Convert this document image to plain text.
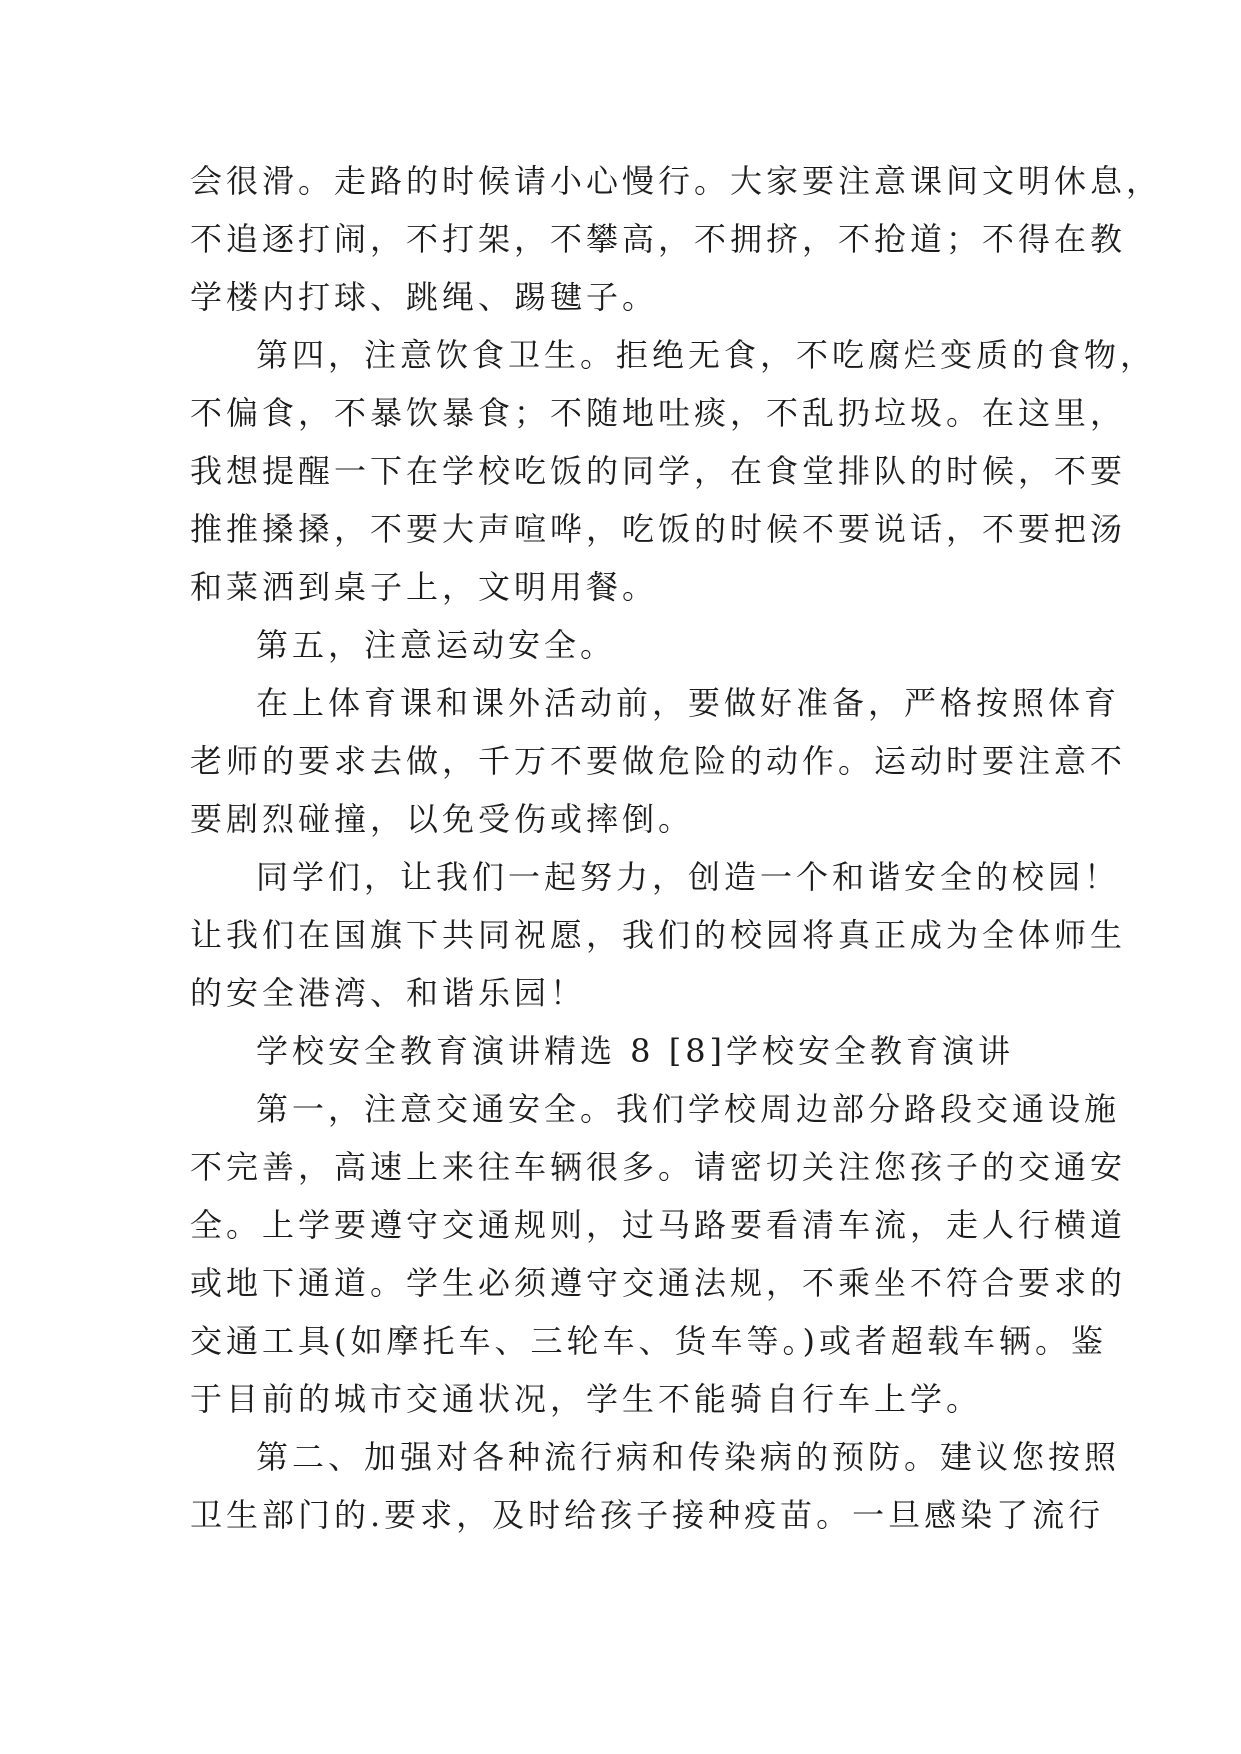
会很滑。走路的时候请小心慢行。大家要注意课间文明休息，
不追逐打闹，不打架，不攀高，不拥挤，不抢道；不得在教
学楼内打球、跳绳、踢毽子。
第四，注意饮食卫生。拒绝无食，不吃腐烂变质的食物，
不偏食，不暴饮暴食；不随地吐痰，不乱扔垃圾。在这里，
我想提醒一下在学校吃饭的同学，在食堂排队的时候，不要
推推搡搡，不要大声喧哗，吃饭的时候不要说话，不要把汤
和菜洒到桌子上，文明用餐。
第五，注意运动安全。
在上体育课和课外活动前，要做好准备，严格按照体育
老师的要求去做，千万不要做危险的动作。运动时要注意不
要剧烈碰撞，以免受伤或摔倒。
同学们，让我们一起努力，创造一个和谐安全的校园！
让我们在国旗下共同祝愿，我们的校园将真正成为全体师生
的安全港湾、和谐乐园！
学校安全教育演讲精选 8 [8]学校安全教育演讲
第一，注意交通安全。我们学校周边部分路段交通设施
不完善，高速上来往车辆很多。请密切关注您孩子的交通安
全。上学要遵守交通规则，过马路要看清车流，走人行横道
或地下通道。学生必须遵守交通法规，不乘坐不符合要求的
交通工具(如摩托车、三轮车、货车等。)或者超载车辆。鉴
于目前的城市交通状况，学生不能骑自行车上学。
第二、加强对各种流行病和传染病的预防。建议您按照
卫生部门的.要求，及时给孩子接种疫苗。一旦感染了流行
